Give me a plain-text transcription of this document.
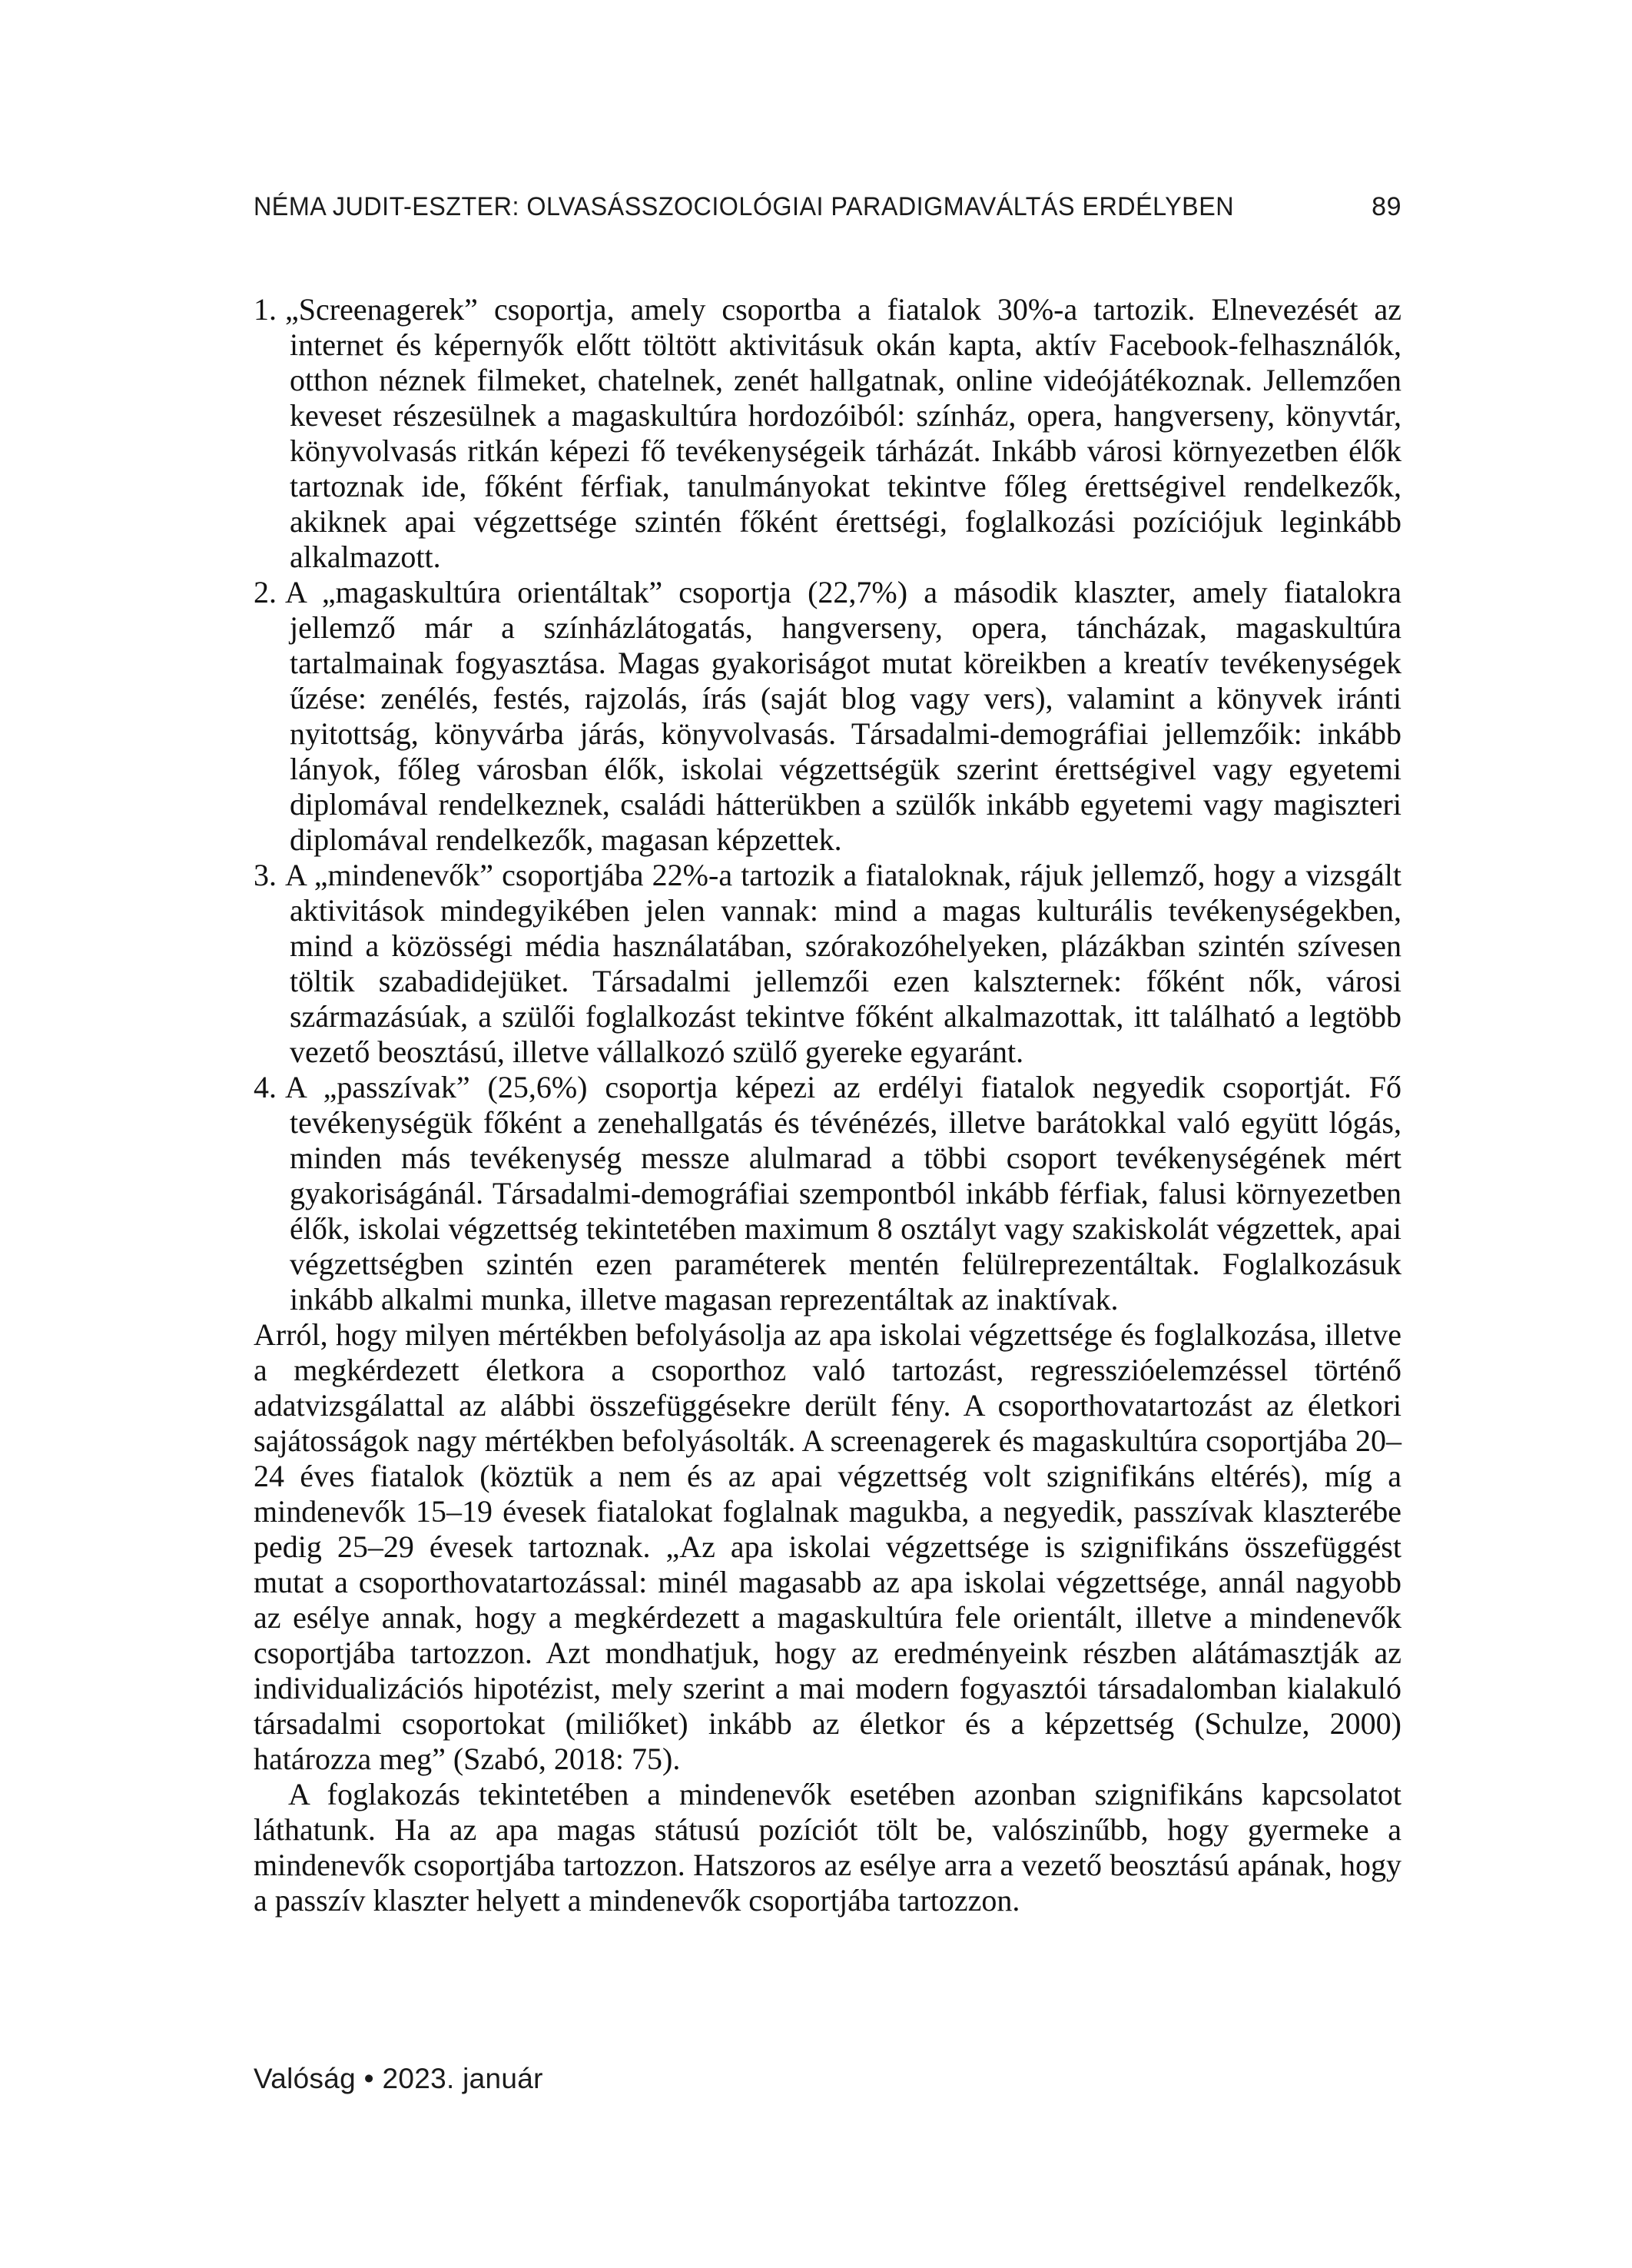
NÉMA JUDIT-ESZTER: OLVASÁSSZOCIOLÓGIAI PARADIGMAVÁLTÁS ERDÉLYBEN	89
1. „Screenagerek” csoportja, amely csoportba a fiatalok 30%-a tartozik. Elnevezését az internet és képernyők előtt töltött aktivitásuk okán kapta, aktív Facebook-felhasználók, otthon néznek filmeket, chatelnek, zenét hallgatnak, online videójátékoznak. Jellemzően keveset részesülnek a magaskultúra hordozóiból: színház, opera, hangverseny, könyvtár, könyvolvasás ritkán képezi fő tevékenységeik tárházát. Inkább városi környezetben élők tartoznak ide, főként férfiak, tanulmányokat tekintve főleg érettségivel rendelkezők, akiknek apai végzettsége szintén főként érettségi, foglalkozási pozíciójuk leginkább alkalmazott.
2. A „magaskultúra orientáltak” csoportja (22,7%) a második klaszter, amely fiatalokra jellemző már a színházlátogatás, hangverseny, opera, táncházak, magaskultúra tartalmainak fogyasztása. Magas gyakoriságot mutat köreikben a kreatív tevékenységek űzése: zenélés, festés, rajzolás, írás (saját blog vagy vers), valamint a könyvek iránti nyitottság, könyvárba járás, könyvolvasás. Társadalmi-demográfiai jellemzőik: inkább lányok, főleg városban élők, iskolai végzettségük szerint érettségivel vagy egyetemi diplomával rendelkeznek, családi hátterükben a szülők inkább egyetemi vagy magiszteri diplomával rendelkezők, magasan képzettek.
3. A „mindenevők” csoportjába 22%-a tartozik a fiataloknak, rájuk jellemző, hogy a vizsgált aktivitások mindegyikében jelen vannak: mind a magas kulturális tevékenységekben, mind a közösségi média használatában, szórakozóhelyeken, plázákban szintén szívesen töltik szabadidejüket. Társadalmi jellemzői ezen kalszternek: főként nők, városi származásúak, a szülői foglalkozást tekintve főként alkalmazottak, itt található a legtöbb vezető beosztású, illetve vállalkozó szülő gyereke egyaránt.
4. A „passzívak” (25,6%) csoportja képezi az erdélyi fiatalok negyedik csoportját. Fő tevékenységük főként a zenehallgatás és tévénézés, illetve barátokkal való együtt lógás, minden más tevékenység messze alulmarad a többi csoport tevékenységének mért gyakoriságánál. Társadalmi-demográfiai szempontból inkább férfiak, falusi környezetben élők, iskolai végzettség tekintetében maximum 8 osztályt vagy szakiskolát végzettek, apai végzettségben szintén ezen paraméterek mentén felülreprezentáltak. Foglalkozásuk inkább alkalmi munka, illetve magasan reprezentáltak az inaktívak.

Arról, hogy milyen mértékben befolyásolja az apa iskolai végzettsége és foglalkozása, illetve a megkérdezett életkora a csoporthoz való tartozást, regresszióelemzéssel történő adatvizsgálattal az alábbi összefüggésekre derült fény. A csoporthovatartozást az életkori sajátosságok nagy mértékben befolyásolták. A screenagerek és magaskultúra csoportjába 20–24 éves fiatalok (köztük a nem és az apai végzettség volt szignifikáns eltérés), míg a mindenevők 15–19 évesek fiatalokat foglalnak magukba, a negyedik, passzívak klaszterébe pedig 25–29 évesek tartoznak. „Az apa iskolai végzettsége is szignifikáns összefüggést mutat a csoporthovatartozással: minél magasabb az apa iskolai végzettsége, annál nagyobb az esélye annak, hogy a megkérdezett a magaskultúra fele orientált, illetve a mindenevők csoportjába tartozzon. Azt mondhatjuk, hogy az eredményeink részben alátámasztják az individualizációs hipotézist, mely szerint a mai modern fogyasztói társadalomban kialakuló társadalmi csoportokat (miliőket) inkább az életkor és a képzettség (Schulze, 2000) határozza meg” (Szabó, 2018: 75).

A foglakozás tekintetében a mindenevők esetében azonban szignifikáns kapcsolatot láthatunk. Ha az apa magas státusú pozíciót tölt be, valószinűbb, hogy gyermeke a mindenevők csoportjába tartozzon. Hatszoros az esélye arra a vezető beosztású apának, hogy a passzív klaszter helyett a mindenevők csoportjába tartozzon.

Valóság • 2023. január
